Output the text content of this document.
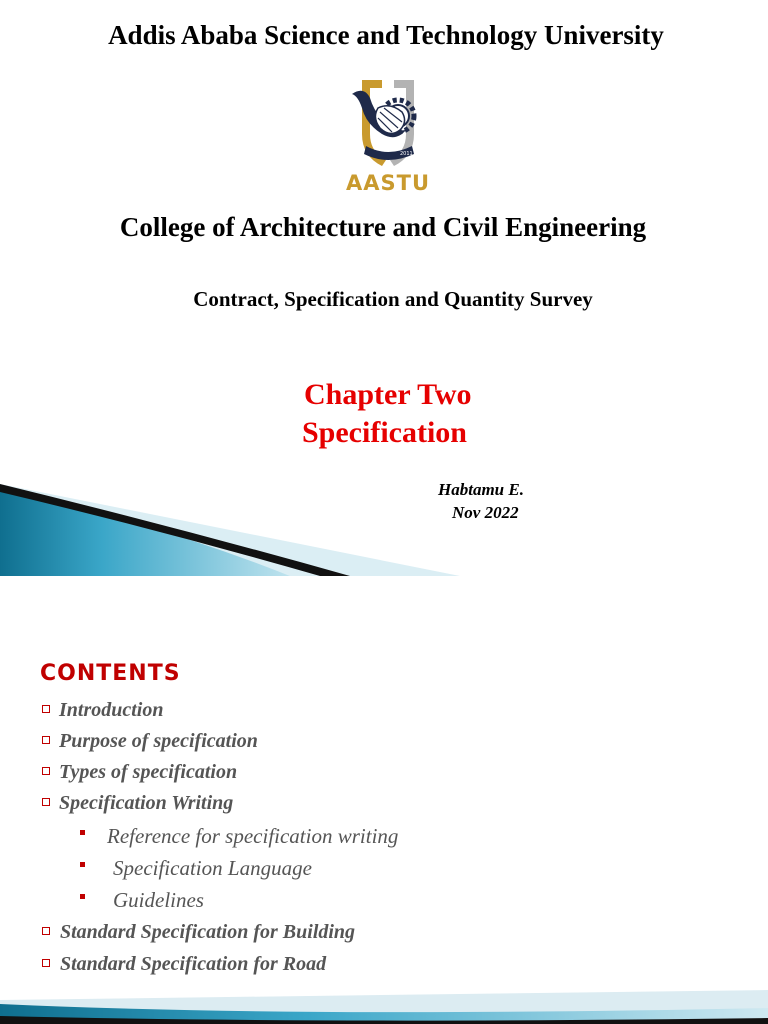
Addis Ababa Science and Technology University
2011
AASTU
College of Architecture and Civil Engineering
Contract, Specification and Quantity Survey
Chapter Two
Specification
Habtamu E.
Nov 2022
CONTENTS
Introduction
Purpose of specification
Types of specification
Specification Writing
Reference for specification writing
Specification Language
Guidelines
Standard Specification for Building
Standard Specification for Road
